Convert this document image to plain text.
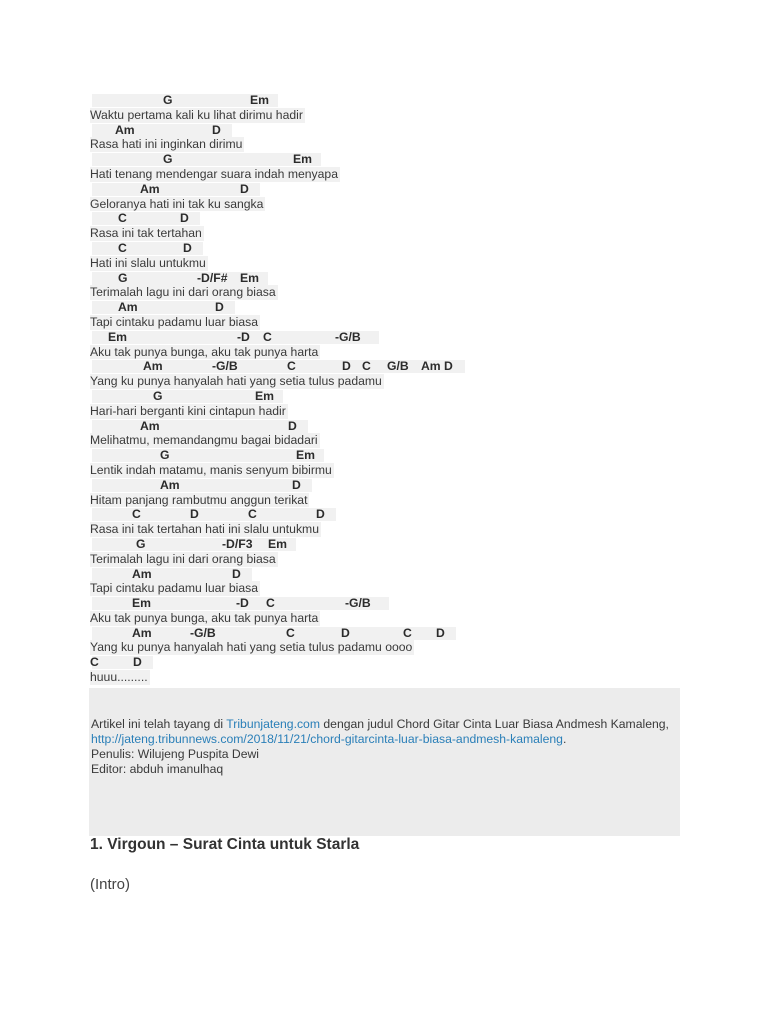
G	Em
Waktu pertama kali ku lihat dirimu hadir
Am	D
Rasa hati ini inginkan dirimu
G	Em
Hati tenang mendengar suara indah menyapa
Am	D
Geloranya hati ini tak ku sangka
C	D
Rasa ini tak tertahan
C	D
Hati ini slalu untukmu
G	-D/F# Em
Terimalah lagu ini dari orang biasa
Am	D
Tapi cintaku padamu luar biasa
Em	-D C	-G/B
Aku tak punya bunga, aku tak punya harta
Am	-G/B	C	D C G/B Am D
Yang ku punya hanyalah hati yang setia tulus padamu
G	Em
Hari-hari berganti kini cintapun hadir
Am	D
Melihatmu, memandangmu bagai bidadari
G	Em
Lentik indah matamu, manis senyum bibirmu
Am	D
Hitam panjang rambutmu anggun terikat
C	D	C	D
Rasa ini tak tertahan hati ini slalu untukmu
G	-D/F3 Em
Terimalah lagu ini dari orang biasa
Am	D
Tapi cintaku padamu luar biasa
Em	-D C	-G/B
Aku tak punya bunga, aku tak punya harta
Am	-G/B	C	D	C D
Yang ku punya hanyalah hati yang setia tulus padamu oooo
C	D
huuu.........
Artikel ini telah tayang di Tribunjateng.com dengan judul Chord Gitar Cinta Luar Biasa Andmesh Kamaleng, http://jateng.tribunnews.com/2018/11/21/chord-gitarcinta-luar-biasa-andmesh-kamaleng.
Penulis: Wilujeng Puspita Dewi
Editor: abduh imanulhaq
1. Virgoun – Surat Cinta untuk Starla
(Intro)
